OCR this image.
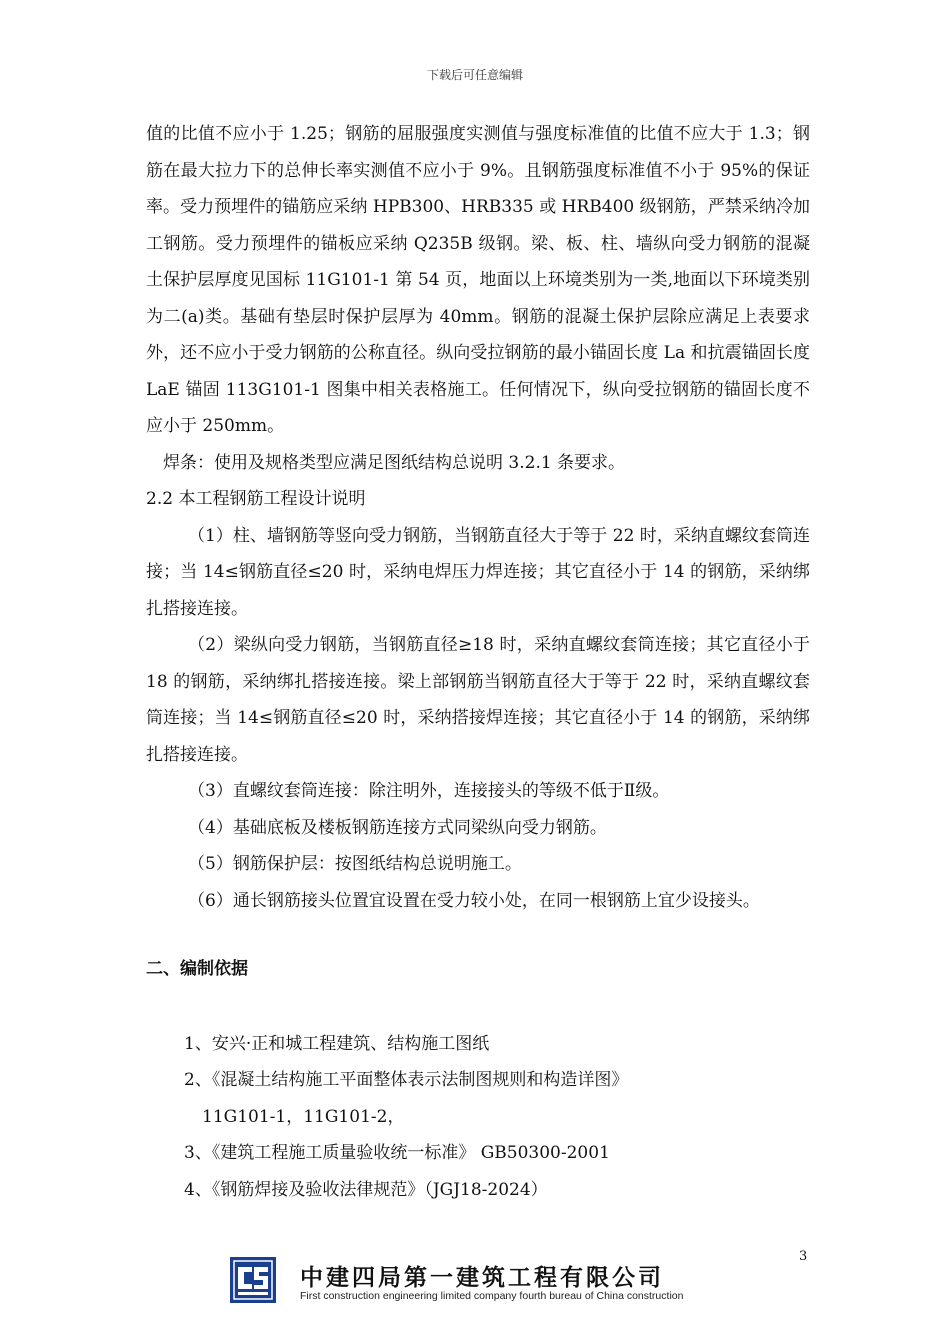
下载后可任意编辑

值的比值不应小于 1.25；钢筋的屈服强度实测值与强度标准值的比值不应大于 1.3；钢筋在最大拉力下的总伸长率实测值不应小于 9%。且钢筋强度标准值不小于 95%的保证率。受力预埋件的锚筋应采纳 HPB300、HRB335 或 HRB400 级钢筋，严禁采纳冷加工钢筋。受力预埋件的锚板应采纳 Q235B 级钢。梁、板、柱、墙纵向受力钢筋的混凝土保护层厚度见国标 11G101-1 第 54 页，地面以上环境类别为一类,地面以下环境类别为二(a)类。基础有垫层时保护层厚为 40mm。钢筋的混凝土保护层除应满足上表要求外，还不应小于受力钢筋的公称直径。纵向受拉钢筋的最小锚固长度 La 和抗震锚固长度 LaE 锚固 113G101-1 图集中相关表格施工。任何情况下，纵向受拉钢筋的锚固长度不应小于 250mm。

焊条：使用及规格类型应满足图纸结构总说明 3.2.1 条要求。

2.2 本工程钢筋工程设计说明

（1）柱、墙钢筋等竖向受力钢筋，当钢筋直径大于等于 22 时，采纳直螺纹套筒连接；当 14≤钢筋直径≤20 时，采纳电焊压力焊连接；其它直径小于 14 的钢筋，采纳绑扎搭接连接。

（2）梁纵向受力钢筋，当钢筋直径≥18 时，采纳直螺纹套筒连接；其它直径小于 18 的钢筋，采纳绑扎搭接连接。梁上部钢筋当钢筋直径大于等于 22 时，采纳直螺纹套筒连接；当 14≤钢筋直径≤20 时，采纳搭接焊连接；其它直径小于 14 的钢筋，采纳绑扎搭接连接。

（3）直螺纹套筒连接：除注明外，连接接头的等级不低于Ⅱ级。

（4）基础底板及楼板钢筋连接方式同梁纵向受力钢筋。

（5）钢筋保护层：按图纸结构总说明施工。

（6）通长钢筋接头位置宜设置在受力较小处，在同一根钢筋上宜少设接头。

二、编制依据

1、安兴·正和城工程建筑、结构施工图纸

2、《混凝土结构施工平面整体表示法制图规则和构造详图》

11G101-1，11G101-2，

3、《建筑工程施工质量验收统一标准》 GB50300-2001

4、《钢筋焊接及验收法律规范》（JGJ18-2024）

3
中建四局第一建筑工程有限公司
First construction engineering limited company fourth bureau of China construction
